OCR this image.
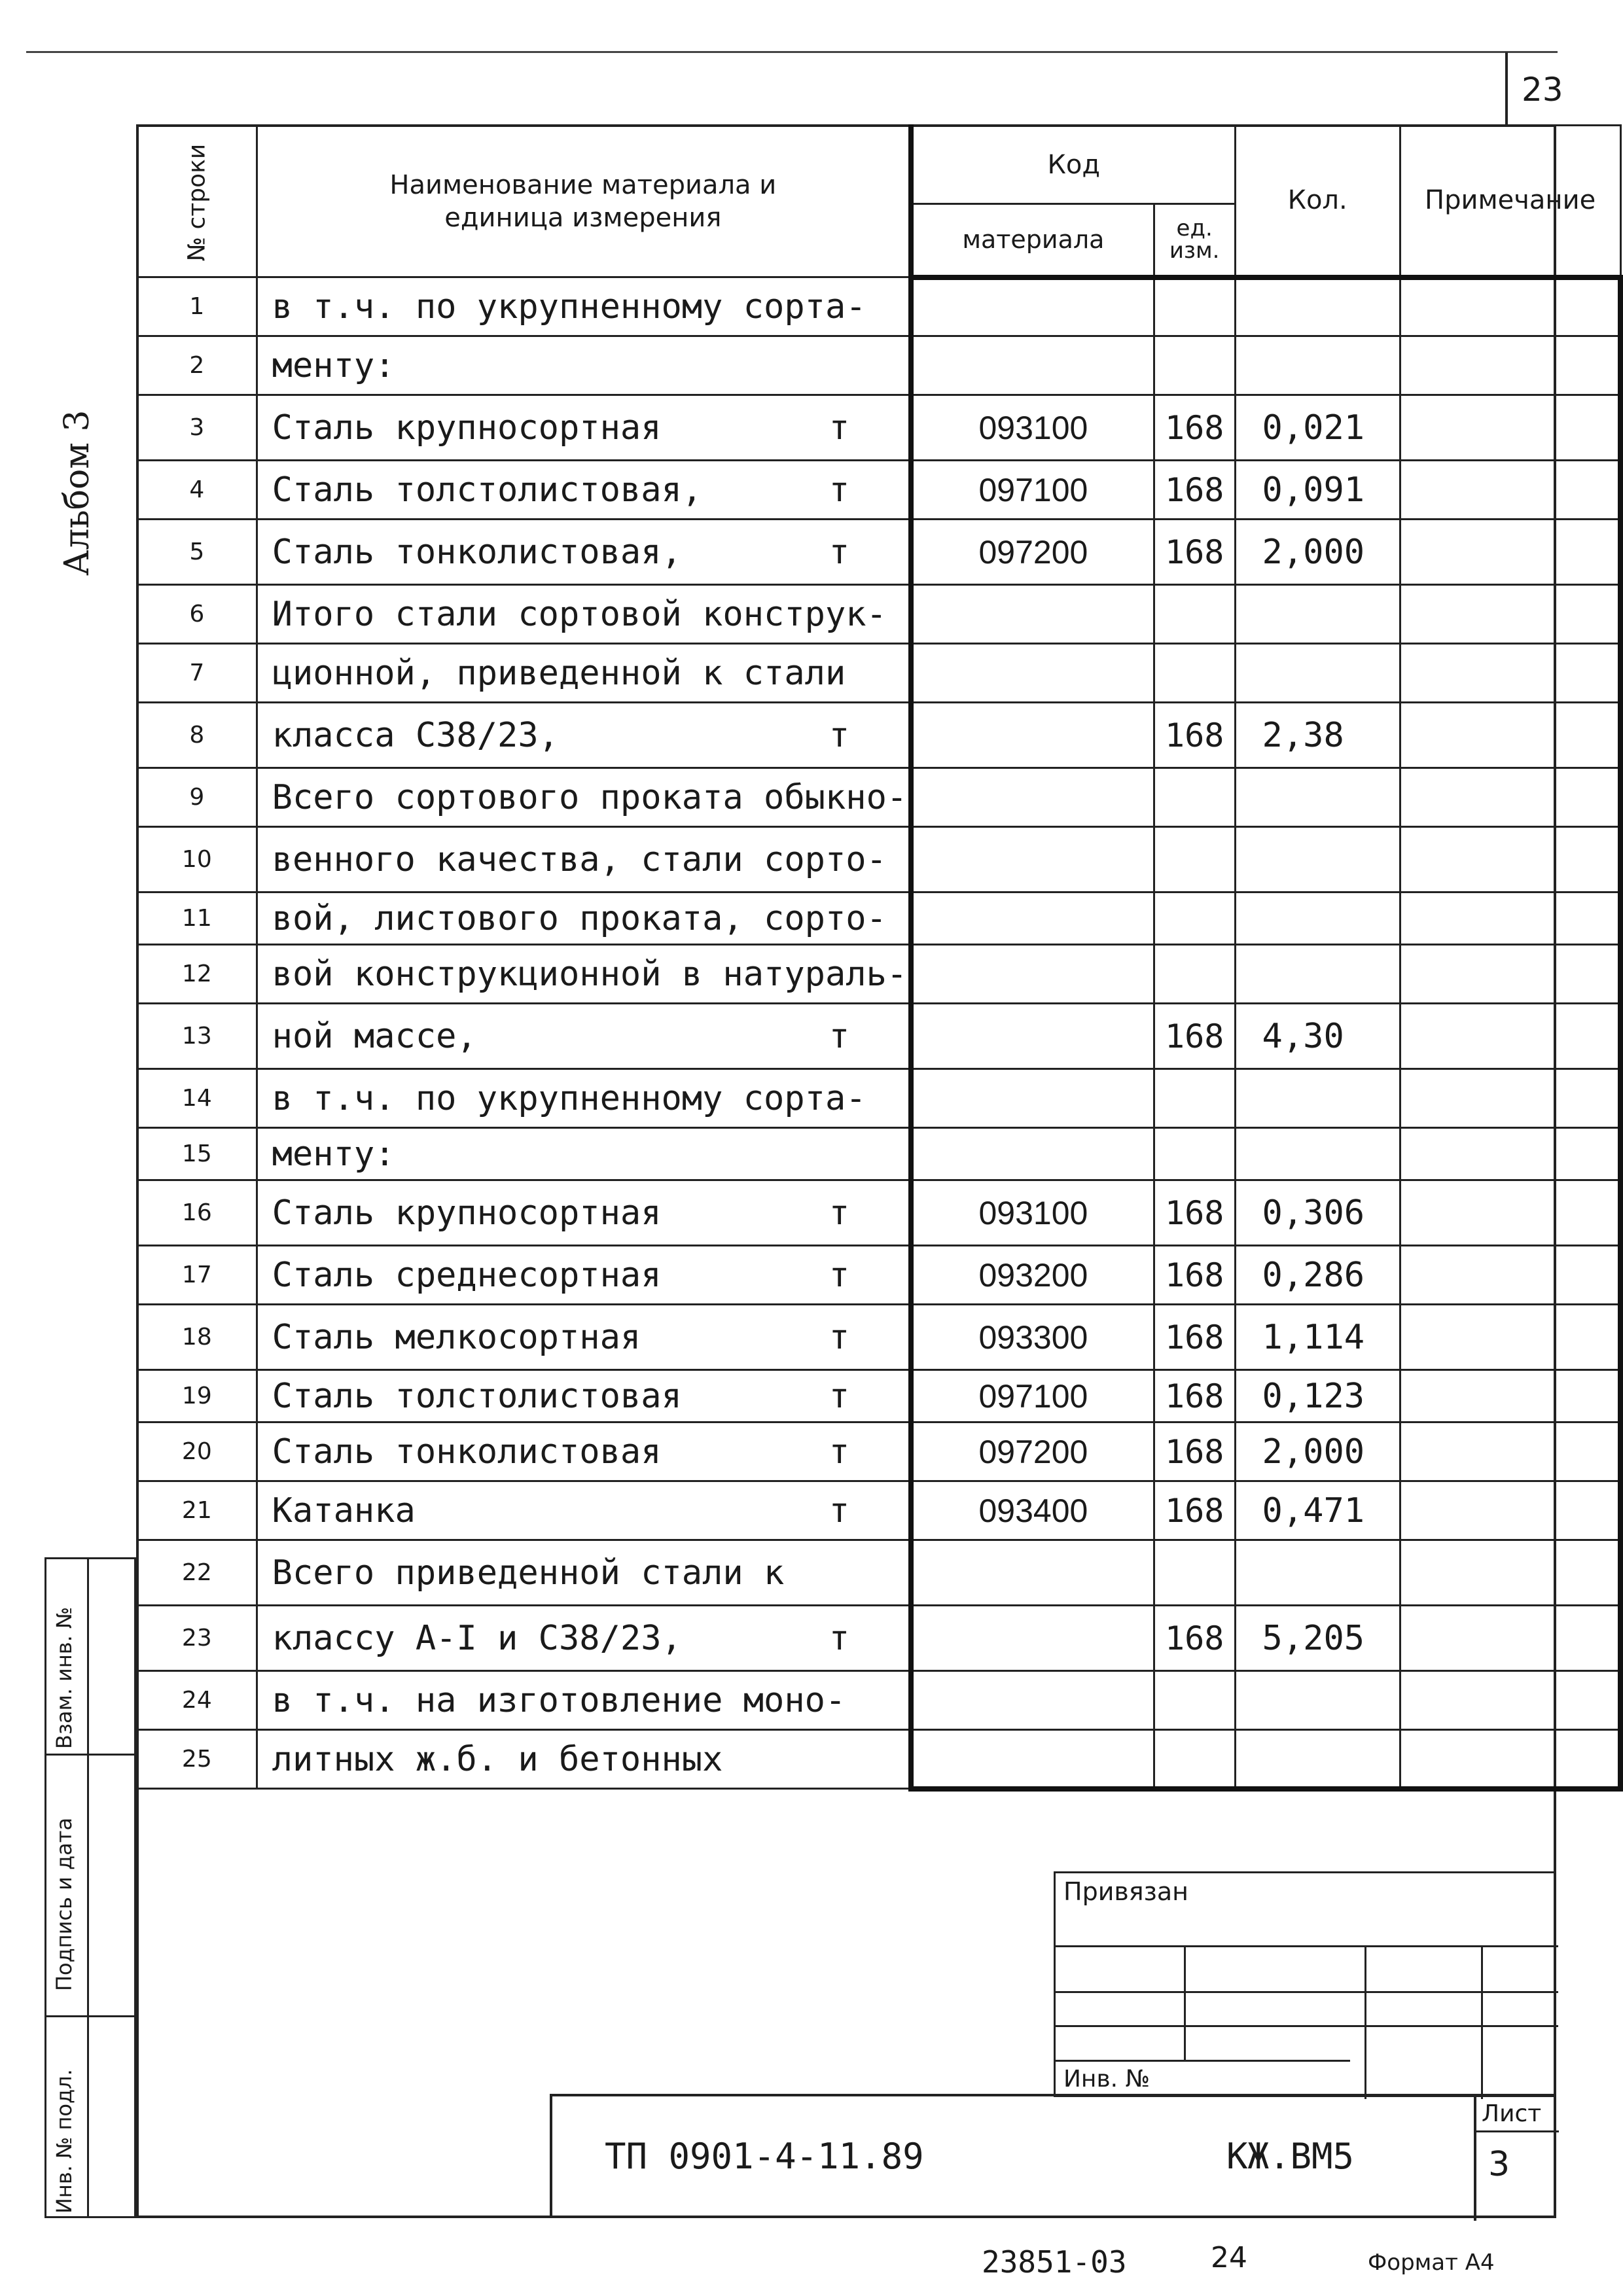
23
Альбом 3
№ строки	Наименование материала и единица измерения	Код		Кол.	Примечание
		материала	ед. изм.		
1	в т.ч. по укрупненному сорта-

2	менту:

3	Сталь крупносортная т	093100	168	0,021	
4	Сталь толстолистовая, т	097100	168	0,091	
5	Сталь тонколистовая, т	097200	168	2,000	
6	Итого стали сортовой конструк-

7	ционной, приведенной к стали

8	класса С38/23, т		168	2,38	
9	Всего сортового проката обыкно-

10	венного качества, стали сорто-

11	вой, листового проката, сорто-

12	вой конструкционной в натураль-

13	ной массе, т		168	4,30	
14	в т.ч. по укрупненному сорта-

15	менту:

16	Сталь крупносортная т	093100	168	0,306	
17	Сталь среднесортная т	093200	168	0,286	
18	Сталь мелкосортная т	093300	168	1,114	
19	Сталь толстолистовая т	097100	168	0,123	
20	Сталь тонколистовая т	097200	168	2,000	
21	Катанка т	093400	168	0,471	
22	Всего приведенной стали к

23	классу А-I и С38/23, т		168	5,205	
24	в т.ч. на изготовление моно-

25	литных ж.б. и бетонных

Взам. инв. №
Подпись и дата
Инв. № подл.
Привязан
Инв. №
ТП 0901-4-11.89	КЖ.ВМ5
Лист
3
23851-03	24	Формат А4
